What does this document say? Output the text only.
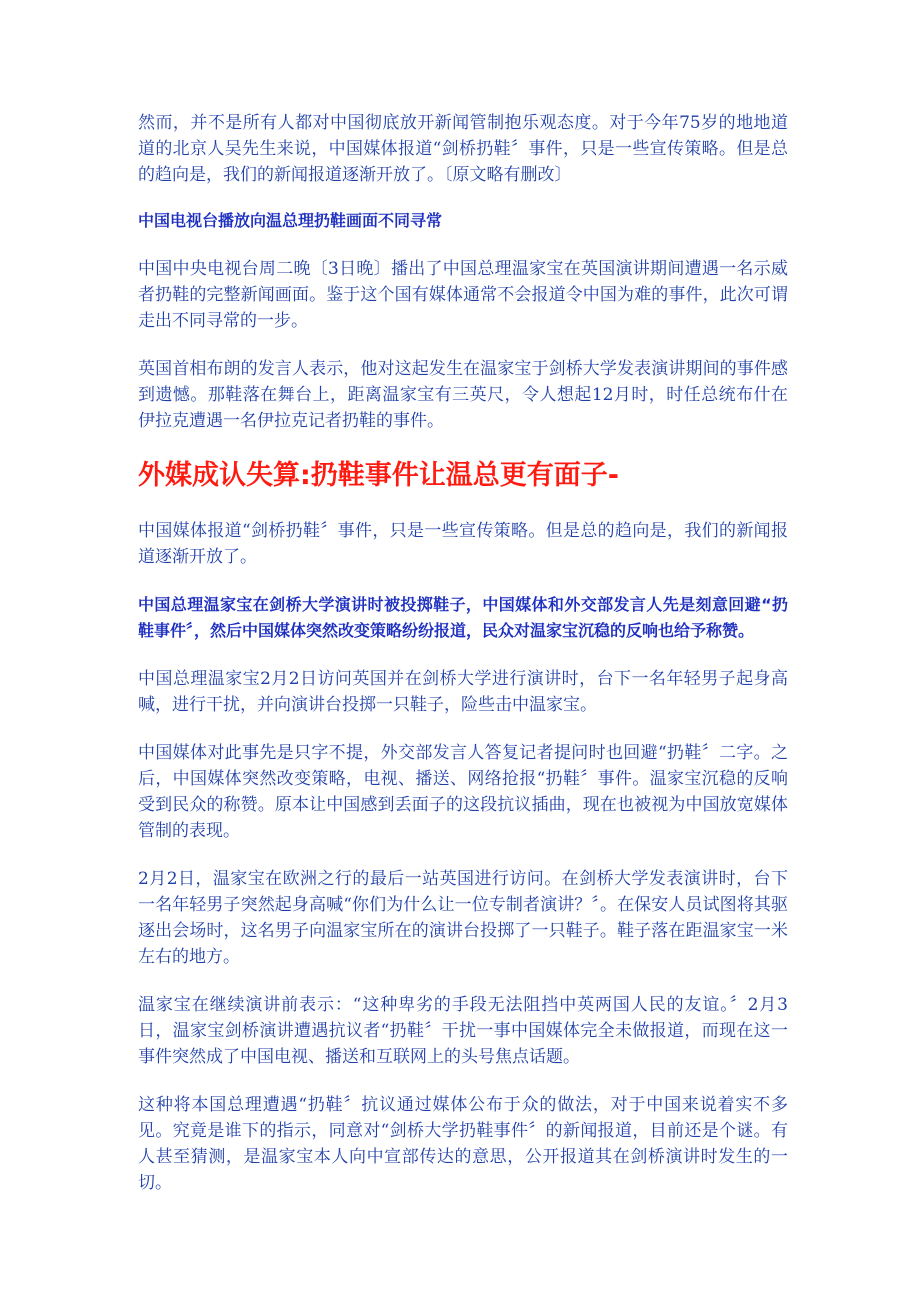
然而，并不是所有人都对中国彻底放开新闻管制抱乐观态度。对于今年75岁的地地道道的北京人吴先生来说，中国媒体报道“剑桥扔鞋〞事件，只是一些宣传策略。但是总的趋向是，我们的新闻报道逐渐开放了。〔原文略有删改〕

中国电视台播放向温总理扔鞋画面不同寻常

中国中央电视台周二晚〔3日晚〕播出了中国总理温家宝在英国演讲期间遭遇一名示威者扔鞋的完整新闻画面。鉴于这个国有媒体通常不会报道令中国为难的事件，此次可谓走出不同寻常的一步。

英国首相布朗的发言人表示，他对这起发生在温家宝于剑桥大学发表演讲期间的事件感到遗憾。那鞋落在舞台上，距离温家宝有三英尺，令人想起12月时，时任总统布什在伊拉克遭遇一名伊拉克记者扔鞋的事件。

外媒成认失算:扔鞋事件让温总更有面子-

中国媒体报道“剑桥扔鞋〞事件，只是一些宣传策略。但是总的趋向是，我们的新闻报道逐渐开放了。

中国总理温家宝在剑桥大学演讲时被投掷鞋子，中国媒体和外交部发言人先是刻意回避“扔鞋事件〞，然后中国媒体突然改变策略纷纷报道，民众对温家宝沉稳的反响也给予称赞。

中国总理温家宝2月2日访问英国并在剑桥大学进行演讲时，台下一名年轻男子起身高喊，进行干扰，并向演讲台投掷一只鞋子，险些击中温家宝。

中国媒体对此事先是只字不提，外交部发言人答复记者提问时也回避“扔鞋〞二字。之后，中国媒体突然改变策略，电视、播送、网络抢报“扔鞋〞事件。温家宝沉稳的反响受到民众的称赞。原本让中国感到丢面子的这段抗议插曲，现在也被视为中国放宽媒体管制的表现。

2月2日，温家宝在欧洲之行的最后一站英国进行访问。在剑桥大学发表演讲时，台下一名年轻男子突然起身高喊“你们为什么让一位专制者演讲？〞。在保安人员试图将其驱逐出会场时，这名男子向温家宝所在的演讲台投掷了一只鞋子。鞋子落在距温家宝一米左右的地方。

温家宝在继续演讲前表示：“这种卑劣的手段无法阻挡中英两国人民的友谊。〞2月3日，温家宝剑桥演讲遭遇抗议者“扔鞋〞干扰一事中国媒体完全未做报道，而现在这一事件突然成了中国电视、播送和互联网上的头号焦点话题。

这种将本国总理遭遇“扔鞋〞抗议通过媒体公布于众的做法，对于中国来说着实不多见。究竟是谁下的指示，同意对“剑桥大学扔鞋事件〞的新闻报道，目前还是个谜。有人甚至猜测，是温家宝本人向中宣部传达的意思，公开报道其在剑桥演讲时发生的一切。
